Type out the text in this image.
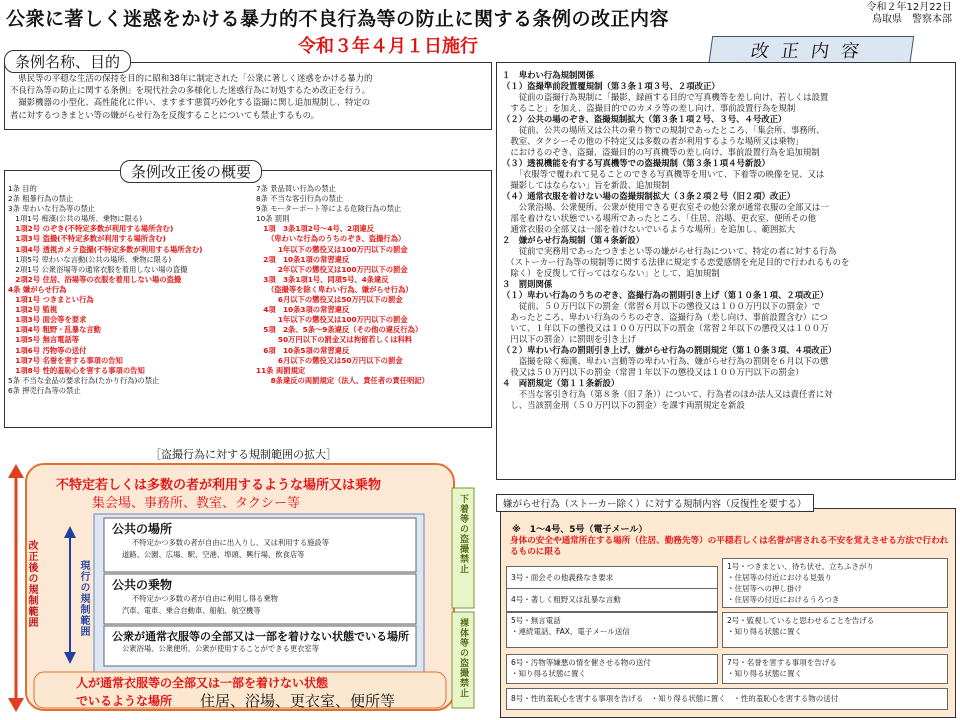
公衆に著しく迷惑をかける暴力的不良行為等の防止に関する条例の改正内容
令和３年４月１日施行
令和２年12月22日
鳥取県　警察本部
条例名称、目的
　県民等の平穏な生活の保持を目的に昭和38年に制定された「公衆に著しく迷惑をかける暴力的
不良行為等の防止に関する条例」を現代社会の多様化した迷惑行為に対処するため改正を行う。
　撮影機器の小型化、高性能化に伴い、ますます悪質巧妙化する盗撮に関し追加規制し、特定の
者に対するつきまとい等の嫌がらせ行為を反復することについても禁止するもの。
改正内容
１　卑わい行為規制関係
（１）盗撮準前段置覆規制（第３条１項３号、２項改正）
　　従前の盗撮行為規制に「撮影、録画する目的で写真機等を差し向け、若しくは設置
　すること」を加え、盗撮目的でのカメラ等の差し向け、事前設置行為を規制
（２）公共の場のぞき、盗撮規制拡大（第３条１項２号、３号、４号改正）
　　従前、公共の場所又は公共の乗り物での規制であったところ、「集会所、事務所、
　教室、タクシーその他の不特定又は多数の者が利用するような場所又は乗物」
　におけるのぞき、盗撮、盗撮目的の写真機等の差し向け、事前設置行為を追加規制
（３）透視機能を有する写真機等での盗撮規制（第３条１項４号新設）
　　「衣服等で覆われて見ることのできる写真機等を用いて、下着等の映像を見、又は
　撮影してはならない」旨を新設、追加規制
（４）通常衣服を着けない場の盗撮規制拡大（３条２項２号（旧２項）改正）
　　公衆浴場、公衆便所、公衆が使用できる更衣室その他公衆が通常衣服の全部又は一
　部を着けない状態でいる場所であったところ、「住居、浴場、更衣室、便所その他
　通常衣服の全部又は一部を着けないでいるような場所」を追加し、範囲拡大
２　嫌がらせ行為規制（第４条新設）
　　従前で実務用であったつきまとい等の嫌がらせ行為について、特定の者に対する行為
　（ストーカー行為等の規制等に関する法律に規定する恋愛感情を充足目的で行われるものを
　除く）を反復して行ってはならない」として、追加規制
３　罰則関係
（１）卑わい行為のうちのぞき、盗撮行為の罰則引き上げ（第１０条１項、２項改正）
　　従前、５０万円以下の罰金（常習６月以下の懲役又は１００万円以下の罰金）で
　あったところ、卑わい行為のうちのぞき、盗撮行為（差し向け、事前設置含む）につ
　いて、１年以下の懲役又は１００万円以下の罰金（常習２年以下の懲役又は１００万
　円以下の罰金）に罰則を引き上げ
（２）卑わい行為の罰則引き上げ、嫌がらせ行為の罰則規定（第１０条３項、４項改正）
　　盗撮を除く痴漢、卑わい言動等の卑わい行為、嫌がらせ行為の罰則を６月以下の懲
　役又は５０万円以下の罰金（常習１年以下の懲役又は１００万円以下の罰金）
４　両罰規定（第１１条新設）
　　不当な客引き行為（第８条（旧７条））について、行為者のほか法人又は責任者に対
　し、当該罰金刑（５０万円以下の罰金）を課す両罰規定を新設
条例改正後の概要
1条 目的
2条 粗暴行為の禁止
3条 卑わいな行為等の禁止
　1項1号 痴漢(公共の場所、乗物に限る)
　1項2号 のぞき(不特定多数が利用する場所含む)
　1項3号 盗撮(不特定多数が利用する場所含む)
　1項4号 透視カメラ盗撮(不特定多数が利用する場所含む)
　1項5号 卑わいな言動(公共の場所、乗物に限る)
　2項1号 公衆浴場等の通常衣服を着用しない場の盗撮
　2項2号 住居、浴場等の衣服を着用しない場の盗撮
4条 嫌がらせ行為
　1項1号 つきまとい行為
　1項2号 監視
　1項3号 面会等を要求
　1項4号 粗野・乱暴な言動
　1項5号 無言電話等
　1項6号 汚物等の送付
　1項7号 名誉を害する事項の告知
　1項8号 性的羞恥心を害する事項の告知
5条 不当な金品の要求行為(たかり行為)の禁止
6条 押売行為等の禁止
7条 景品買い行為の禁止
8条 不当な客引行為の禁止
9条 モーターボート等による危険行為の禁止
10条 罰則
　1項　3条1項2号～4号、2項違反
　　（卑わいな行為のうちのぞき、盗撮行為）
　　　1年以下の懲役又は100万円以下の罰金
　2項　10条1項の常習違反
　　　2年以下の懲役又は100万円以下の罰金
　3項　3条1項1号、同項5号、4条違反
　　（盗撮等を除く卑わい行為、嫌がらせ行為）
　　　6月以下の懲役又は50万円以下の罰金
　4項　10条3項の常習違反
　　　1年以下の懲役又は100万円以下の罰金
　5項　2条、5条～9条違反（その他の違反行為）
　　　50万円以下の罰金又は拘留若しくは科料
　6項　10条5項の常習違反
　　　6月以下の懲役又は50万円以下の罰金
11条 両罰規定
　　8条違反の両罰規定（法人、責任者の責任明記）
［盗撮行為に対する規制範囲の拡大］
不特定若しくは多数の者が利用するような場所又は乗物
集会場、事務所、教室、タクシー等
公共の場所
不特定かつ多数の者が自由に出入りし、又は利用する施設等
道路、公園、広場、駅、空港、埠頭、興行場、飲食店等
公共の乗物
不特定かつ多数の者が自由に利用し得る乗物
汽車、電車、乗合自動車、船舶、航空機等
公衆が通常衣服等の全部又は一部を着けない状態でいる場所
公衆浴場、公衆便所、公衆が使用することができる更衣室等
人が通常衣服等の全部又は一部を着けない状態
でいるような場所 住居、浴場、更衣室、便所等
改正後の規制範囲	現行の規制範囲
下着等の盗撮禁止
裸体等の盗撮禁止
嫌がらせ行為（ストーカー除く）に対する規制内容（反復性を要する）
※　1～4号、5号（電子メール）
身体の安全や通常所在する場所（住居、勤務先等）の平穏若しくは名誉が害される不安を覚えさせる方法で行われるものに限る
3号・面会その他義務なき要求
4号・著しく粗野又は乱暴な言動
5号・無言電話
・連続電話、FAX、電子メール送信
1号・つきまとい、待ち伏せ、立ちふさがり
・住居等の付近における見張り
・住居等への押し掛け
・住居等の付近におけるうろつき
2号・監視していると思わせることを告げる
・知り得る状態に置く
6号・汚物等嫌悪の情を催させる物の送付
・知り得る状態に置く
7号・名誉を害する事項を告げる
・知り得る状態に置く
8号・性的羞恥心を害する事項を告げる　・知り得る状態に置く　・性的羞恥心を害する物の送付
